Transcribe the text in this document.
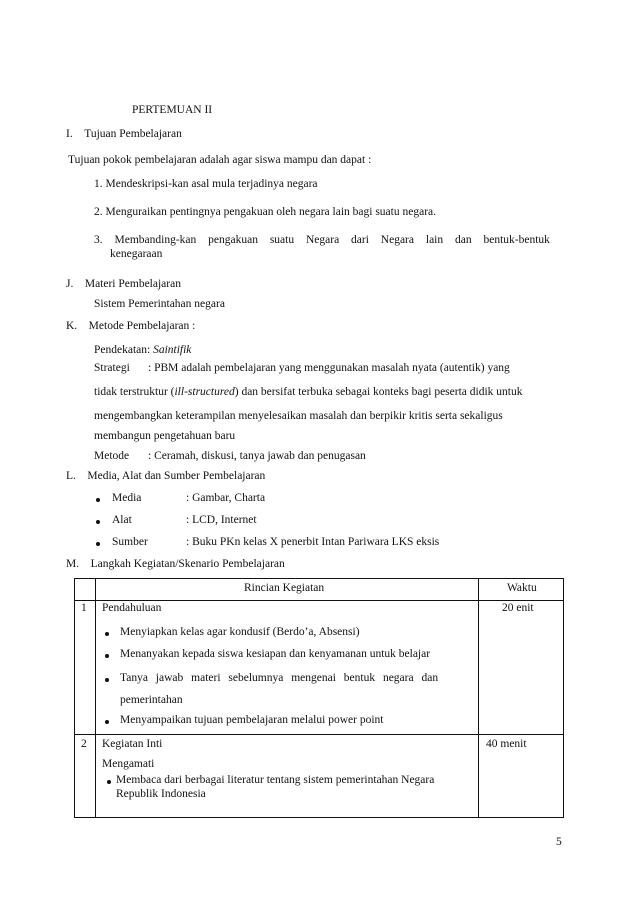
PERTEMUAN II
I. Tujuan Pembelajaran
Tujuan pokok pembelajaran adalah agar siswa mampu dan dapat :
1. Mendeskripsi-kan asal mula terjadinya negara
2. Menguraikan pentingnya pengakuan oleh negara lain bagi suatu negara.
3. Membanding-kan pengakuan suatu Negara dari Negara lain dan bentuk-bentuk
kenegaraan
J. Materi Pembelajaran
Sistem Pemerintahan negara
K. Metode Pembelajaran :
Pendekatan: Saintifik
Strategi : PBM adalah pembelajaran yang menggunakan masalah nyata (autentik) yang
tidak terstruktur (ill-structured) dan bersifat terbuka sebagai konteks bagi peserta didik untuk
mengembangkan keterampilan menyelesaikan masalah dan berpikir kritis serta sekaligus
membangun pengetahuan baru
Metode : Ceramah, diskusi, tanya jawab dan penugasan
L. Media, Alat dan Sumber Pembelajaran
Media	: Gambar, Charta
Alat	: LCD, Internet
Sumber	: Buku PKn kelas X penerbit Intan Pariwara LKS eksis
M. Langkah Kegiatan/Skenario Pembelajaran
Rincian Kegiatan	Waktu
1 Pendahuluan	20 enit
Menyiapkan kelas agar kondusif (Berdo’a, Absensi)
Menanyakan kepada siswa kesiapan dan kenyamanan untuk belajar
Tanya jawab materi sebelumnya mengenai bentuk negara dan
pemerintahan
Menyampaikan tujuan pembelajaran melalui power point
2 Kegiatan Inti	40 menit
Mengamati
Membaca dari berbagai literatur tentang sistem pemerintahan Negara
Republik Indonesia
5
